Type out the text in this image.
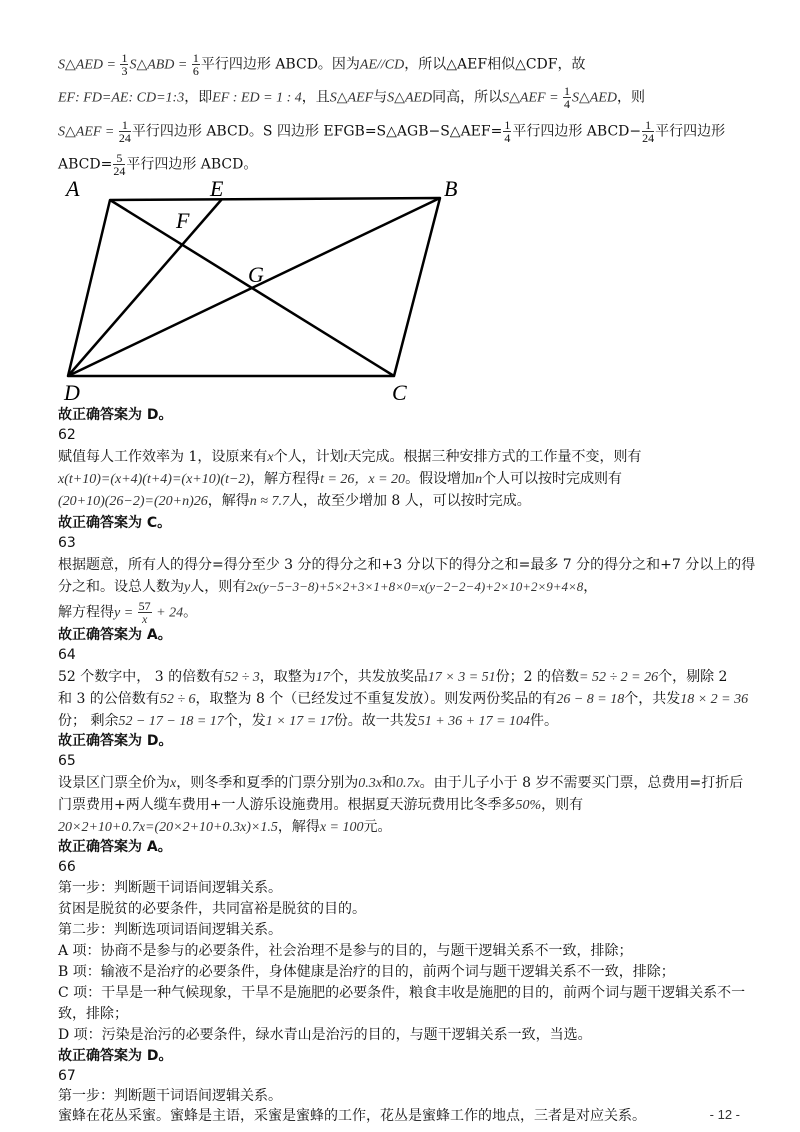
S△AED = $\frac{1}{3}$ S△ABD = $\frac{1}{6}$ 平行四边形 ABCD。因为AE//CD，所以△AEF相似△CDF，故
EF: FD=AE: CD=1:3，即EF : ED = 1 : 4，且S△AEF与S△AED同高，所以S△AEF = $\frac{1}{4}$ S△AED，则
S△AEF = $\frac{1}{24}$ 平行四边形 ABCD。S 四边形 EFGB=S△AGB−S△AEF= $\frac{1}{4}$ 平行四边形 ABCD− $\frac{1}{24}$ 平行四边形
ABCD= $\frac{5}{24}$ 平行四边形 ABCD。
A	E	B
F
G
D	C
故正确答案为 D。
62
赋值每人工作效率为 1，设原来有x个人，计划t天完成。根据三种安排方式的工作量不变，则有
x(t+10)=(x+4)(t+4)=(x+10)(t−2)，解方程得t = 26，x = 20。假设增加n个人可以按时完成则有
(20+10)(26−2)=(20+n)26，解得n ≈ 7.7人，故至少增加 8 人，可以按时完成。
故正确答案为 C。
63
根据题意，所有人的得分=得分至少 3 分的得分之和+3 分以下的得分之和=最多 7 分的得分之和+7 分以上的得
分之和。设总人数为y人，则有2x(y−5−3−8)+5×2+3×1+8×0=x(y−2−2−4)+2×10+2×9+4×8，
解方程得$y = \frac{57}{x} + 24$。
故正确答案为 A。
64
52 个数字中， 3 的倍数有52 ÷ 3，取整为17个，共发放奖品17 × 3 = 51份；2 的倍数= 52 ÷ 2 = 26个，剔除 2
和 3 的公倍数有52 ÷ 6，取整为 8 个（已经发过不重复发放）。则发两份奖品的有26 − 8 = 18个，共发18 × 2 = 36
份； 剩余52 − 17 − 18 = 17个，发1 × 17 = 17份。故一共发51 + 36 + 17 = 104件。
故正确答案为 D。
65
设景区门票全价为x，则冬季和夏季的门票分别为0.3x和0.7x。由于儿子小于 8 岁不需要买门票，总费用=打折后
门票费用+两人缆车费用+一人游乐设施费用。根据夏天游玩费用比冬季多50%，则有
20×2+10+0.7x=(20×2+10+0.3x)×1.5，解得x = 100元。
故正确答案为 A。
66
第一步：判断题干词语间逻辑关系。
贫困是脱贫的必要条件，共同富裕是脱贫的目的。
第二步：判断选项词语间逻辑关系。
A 项：协商不是参与的必要条件，社会治理不是参与的目的，与题干逻辑关系不一致，排除；
B 项：输液不是治疗的必要条件，身体健康是治疗的目的，前两个词与题干逻辑关系不一致，排除；
C 项：干旱是一种气候现象，干旱不是施肥的必要条件，粮食丰收是施肥的目的，前两个词与题干逻辑关系不一
致，排除；
D 项：污染是治污的必要条件，绿水青山是治污的目的，与题干逻辑关系一致，当选。
故正确答案为 D。
67
第一步：判断题干词语间逻辑关系。
蜜蜂在花丛采蜜。蜜蜂是主语，采蜜是蜜蜂的工作，花丛是蜜蜂工作的地点，三者是对应关系。	- 12 -
